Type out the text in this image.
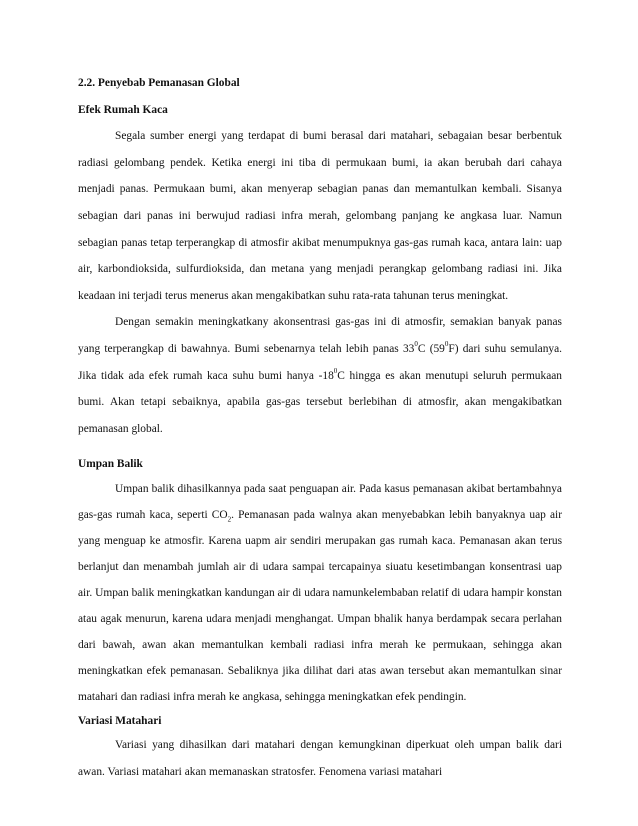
2.2. Penyebab Pemanasan Global

Efek Rumah Kaca

Segala sumber energi yang terdapat di bumi berasal dari matahari, sebagaian besar berbentuk radiasi gelombang pendek. Ketika energi ini tiba di permukaan bumi, ia akan berubah dari cahaya menjadi panas. Permukaan bumi, akan menyerap sebagian panas dan memantulkan kembali. Sisanya sebagian dari panas ini berwujud radiasi infra merah, gelombang panjang ke angkasa luar. Namun sebagian panas tetap terperangkap di atmosfir akibat menumpuknya gas-gas rumah kaca, antara lain: uap air, karbondioksida, sulfurdioksida, dan metana yang menjadi perangkap gelombang radiasi ini. Jika keadaan ini terjadi terus menerus akan mengakibatkan suhu rata-rata tahunan terus meningkat.

Dengan semakin meningkatkany akonsentrasi gas-gas ini di atmosfir, semakian banyak panas yang terperangkap di bawahnya. Bumi sebenarnya telah lebih panas $33^0C$ $(59^0F)$ dari suhu semulanya. Jika tidak ada efek rumah kaca suhu bumi hanya $-18^0C$ hingga es akan menutupi seluruh permukaan bumi. Akan tetapi sebaiknya, apabila gas-gas tersebut berlebihan di atmosfir, akan mengakibatkan pemanasan global.

Umpan Balik

Umpan balik dihasilkannya pada saat penguapan air. Pada kasus pemanasan akibat bertambahnya gas-gas rumah kaca, seperti $CO_2$. Pemanasan pada walnya akan menyebabkan lebih banyaknya uap air yang menguap ke atmosfir. Karena uapm air sendiri merupakan gas rumah kaca. Pemanasan akan terus berlanjut dan menambah jumlah air di udara sampai tercapainya siuatu kesetimbangan konsentrasi uap air. Umpan balik meningkatkan kandungan air di udara namunkelembaban relatif di udara hampir konstan atau agak menurun, karena udara menjadi menghangat. Umpan bhalik hanya berdampak secara perlahan dari bawah, awan akan memantulkan kembali radiasi infra merah ke permukaan, sehingga akan meningkatkan efek pemanasan. Sebaliknya jika dilihat dari atas awan tersebut akan memantulkan sinar matahari dan radiasi infra merah ke angkasa, sehingga meningkatkan efek pendingin.

Variasi Matahari

Variasi yang dihasilkan dari matahari dengan kemungkinan diperkuat oleh umpan balik dari awan. Variasi matahari akan memanaskan stratosfer. Fenomena variasi matahari
